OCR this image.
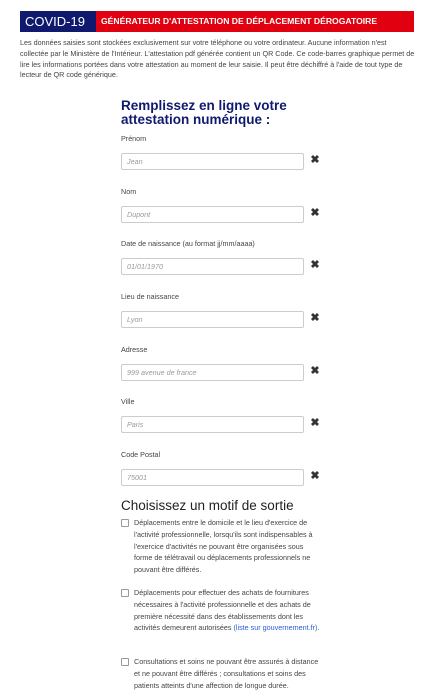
COVID-19	GÉNÉRATEUR D'ATTESTATION DE DÉPLACEMENT DÉROGATOIRE

Les données saisies sont stockées exclusivement sur votre téléphone ou votre ordinateur. Aucune information n'est collectée par le Ministère de l'Intérieur. L'attestation pdf générée contient un QR Code. Ce code-barres graphique permet de lire les informations portées dans votre attestation au moment de leur saisie. Il peut être déchiffré à l'aide de tout type de lecteur de QR code générique.

Remplissez en ligne votre attestation numérique :
Prénom
Jean
✖
Nom
Dupont
✖
Date de naissance (au format jj/mm/aaaa)
01/01/1970
✖
Lieu de naissance
Lyon
✖
Adresse
999 avenue de france
✖
Ville
Paris
✖
Code Postal
75001
✖
Choisissez un motif de sortie
Déplacements entre le domicile et le lieu d'exercice de l'activité professionnelle, lorsqu'ils sont indispensables à l'exercice d'activités ne pouvant être organisées sous forme de télétravail ou déplacements professionnels ne pouvant être différés.
Déplacements pour effectuer des achats de fournitures nécessaires à l'activité professionnelle et des achats de première nécessité dans des établissements dont les activités demeurent autorisées (liste sur gouvernement.fr).
Consultations et soins ne pouvant être assurés à distance et ne pouvant être différés ; consultations et soins des patients atteints d'une affection de longue durée.
